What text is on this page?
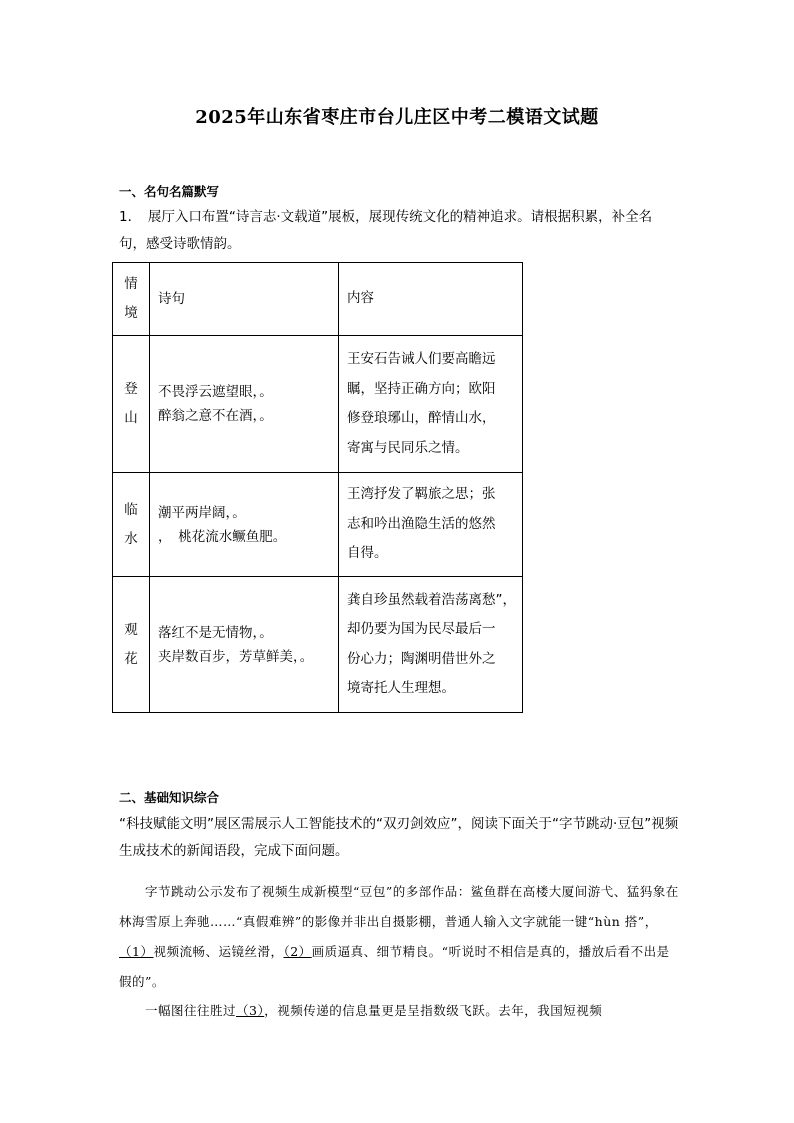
2025年山东省枣庄市台儿庄区中考二模语文试题
一、名句名篇默写
1．　展厅入口布置“诗言志·文载道”展板，展现传统文化的精神追求。请根据积累，补全名句，感受诗歌情韵。
情
境	诗句	内容

登
山	不畏浮云遮望眼，。
醉翁之意不在酒，。	王安石告诫人们要高瞻远
瞩，坚持正确方向；欧阳
修登琅琊山，醉情山水，
寄寓与民同乐之情。

临
水	潮平两岸阔，。
，　桃花流水鳜鱼肥。	王湾抒发了羁旅之思；张
志和吟出渔隐生活的悠然
自得。

观
花	落红不是无情物，。
夹岸数百步，芳草鲜美，。	龚自珍虽然载着浩荡离愁”，
却仍要为国为民尽最后一
份心力；陶渊明借世外之
境寄托人生理想。
二、基础知识综合
“科技赋能文明”展区需展示人工智能技术的“双刃剑效应”，阅读下面关于“字节跳动·豆包”视频生成技术的新闻语段，完成下面问题。
　　字节跳动公示发布了视频生成新模型“豆包”的多部作品：鲨鱼群在高楼大厦间游弋、猛犸象在林海雪原上奔驰……“真假难辨”的影像并非出自摄影棚，普通人输入文字就能一键“hùn 搭”，（1）视频流畅、运镜丝滑，（2）画质逼真、细节精良。“听说时不相信是真的，播放后看不出是假的”。
　　一幅图往往胜过（3），视频传递的信息量更是呈指数级飞跃。去年，我国短视频
